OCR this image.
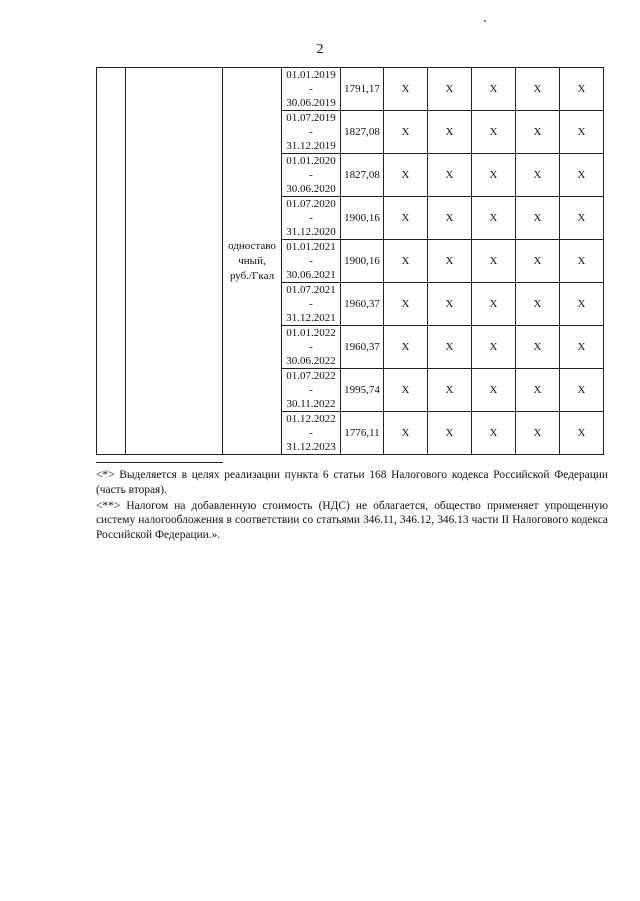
2

		одноставо
чный,
руб./Гкал	01.01.2019
-
30.06.2019	1791,17	Х	Х	Х	Х	Х

			01.07.2019
-
31.12.2019	1827,08	Х	Х	Х	Х	Х

			01.01.2020
-
30.06.2020	1827,08	Х	Х	Х	Х	Х

			01.07.2020
-
31.12.2020	1900,16	Х	Х	Х	Х	Х

			01.01.2021
-
30.06.2021	1900,16	Х	Х	Х	Х	Х

			01.07.2021
-
31.12.2021	1960,37	Х	Х	Х	Х	Х

			01.01.2022
-
30.06.2022	1960,37	Х	Х	Х	Х	Х

			01.07.2022
-
30.11.2022	1995,74	Х	Х	Х	Х	Х

			01.12.2022
-
31.12.2023	1776,11	Х	Х	Х	Х	Х

<*> Выделяется в целях реализации пункта 6 статьи 168 Налогового кодекса Российской Федерации (часть вторая).

<**> Налогом на добавленную стоимость (НДС) не облагается, общество применяет упрощенную систему налогообложения в соответствии со статьями 346.11, 346.12, 346.13 части II Налогового кодекса Российской Федерации.».
